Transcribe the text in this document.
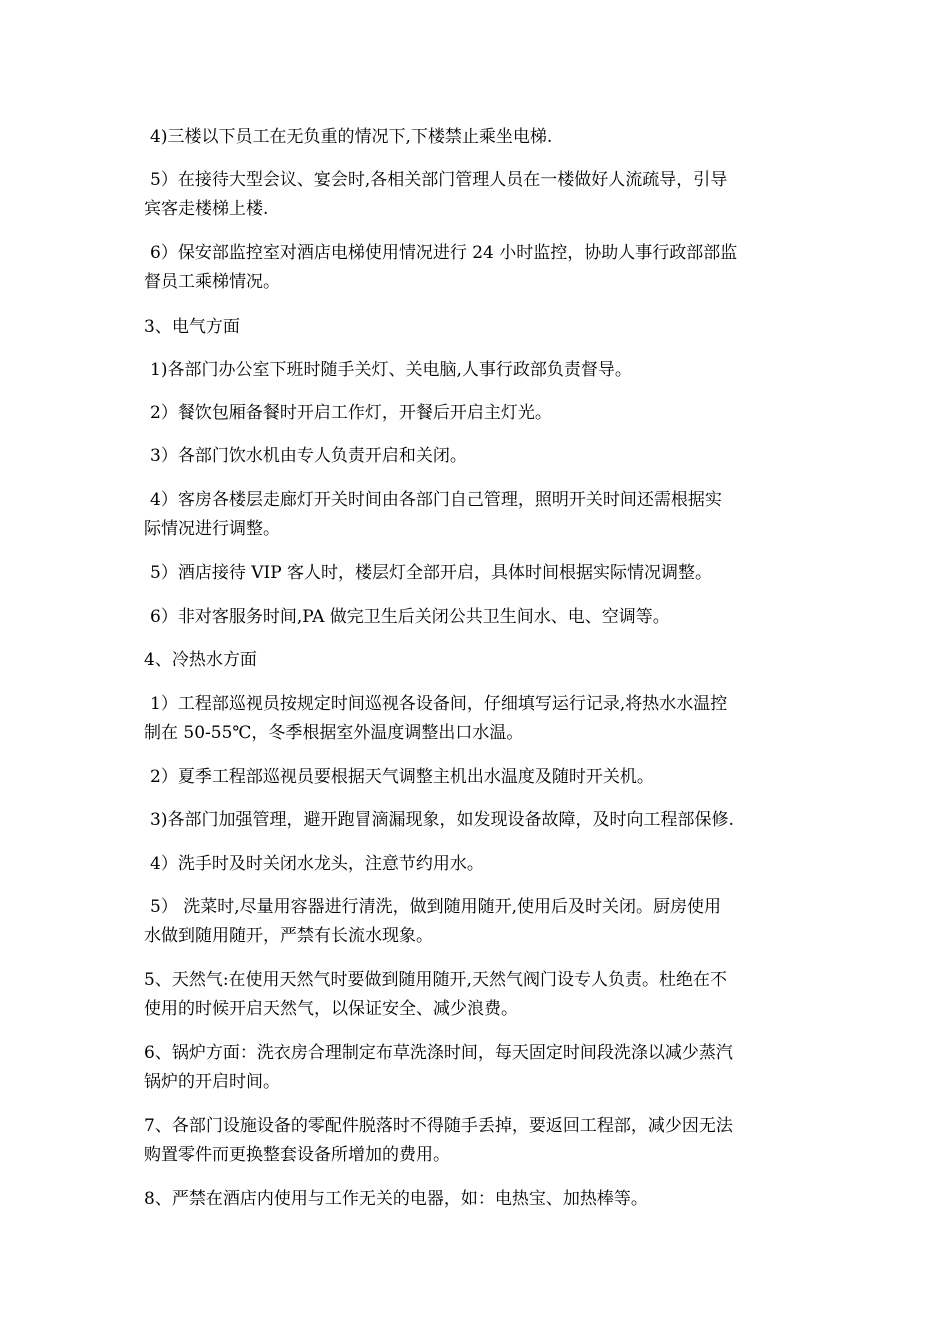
4)三楼以下员工在无负重的情况下,下楼禁止乘坐电梯.
5）在接待大型会议、宴会时,各相关部门管理人员在一楼做好人流疏导，引导
宾客走楼梯上楼.
6）保安部监控室对酒店电梯使用情况进行 24 小时监控，协助人事行政部部监
督员工乘梯情况。
3、电气方面
1)各部门办公室下班时随手关灯、关电脑,人事行政部负责督导。
2）餐饮包厢备餐时开启工作灯，开餐后开启主灯光。
3）各部门饮水机由专人负责开启和关闭。
4）客房各楼层走廊灯开关时间由各部门自己管理，照明开关时间还需根据实
际情况进行调整。
5）酒店接待 VIP 客人时，楼层灯全部开启，具体时间根据实际情况调整。
6）非对客服务时间,PA 做完卫生后关闭公共卫生间水、电、空调等。
4、冷热水方面
1）工程部巡视员按规定时间巡视各设备间，仔细填写运行记录,将热水水温控
制在 50-55℃，冬季根据室外温度调整出口水温。
2）夏季工程部巡视员要根据天气调整主机出水温度及随时开关机。
3)各部门加强管理，避开跑冒滴漏现象，如发现设备故障，及时向工程部保修.
4）洗手时及时关闭水龙头，注意节约用水。
5） 洗菜时,尽量用容器进行清洗，做到随用随开,使用后及时关闭。厨房使用
水做到随用随开，严禁有长流水现象。
5、天然气:在使用天然气时要做到随用随开,天然气阀门设专人负责。杜绝在不
使用的时候开启天然气，以保证安全、减少浪费。
6、锅炉方面：洗衣房合理制定布草洗涤时间，每天固定时间段洗涤以减少蒸汽
锅炉的开启时间。
7、各部门设施设备的零配件脱落时不得随手丢掉，要返回工程部，减少因无法
购置零件而更换整套设备所增加的费用。
8、严禁在酒店内使用与工作无关的电器，如：电热宝、加热棒等。
